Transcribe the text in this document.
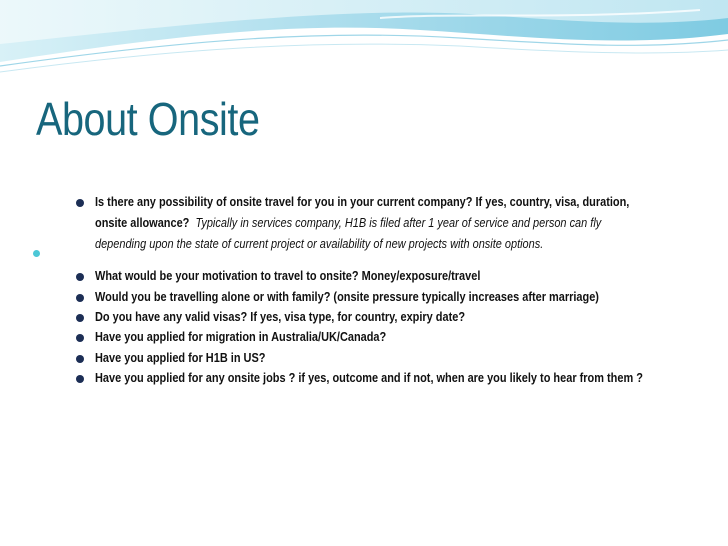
About Onsite
Is there any possibility of onsite travel for you in your current company? If yes, country, visa, duration,
onsite allowance? Typically in services company, H1B is filed after 1 year of service and person can fly
depending upon the state of current project or availability of new projects with onsite options.
What would be your motivation to travel to onsite? Money/exposure/travel
Would you be travelling alone or with family? (onsite pressure typically increases after marriage)
Do you have any valid visas? If yes, visa type, for country, expiry date?
Have you applied for migration in Australia/UK/Canada?
Have you applied for H1B in US?
Have you applied for any onsite jobs ? if yes, outcome and if not, when are you likely to hear from them ?
